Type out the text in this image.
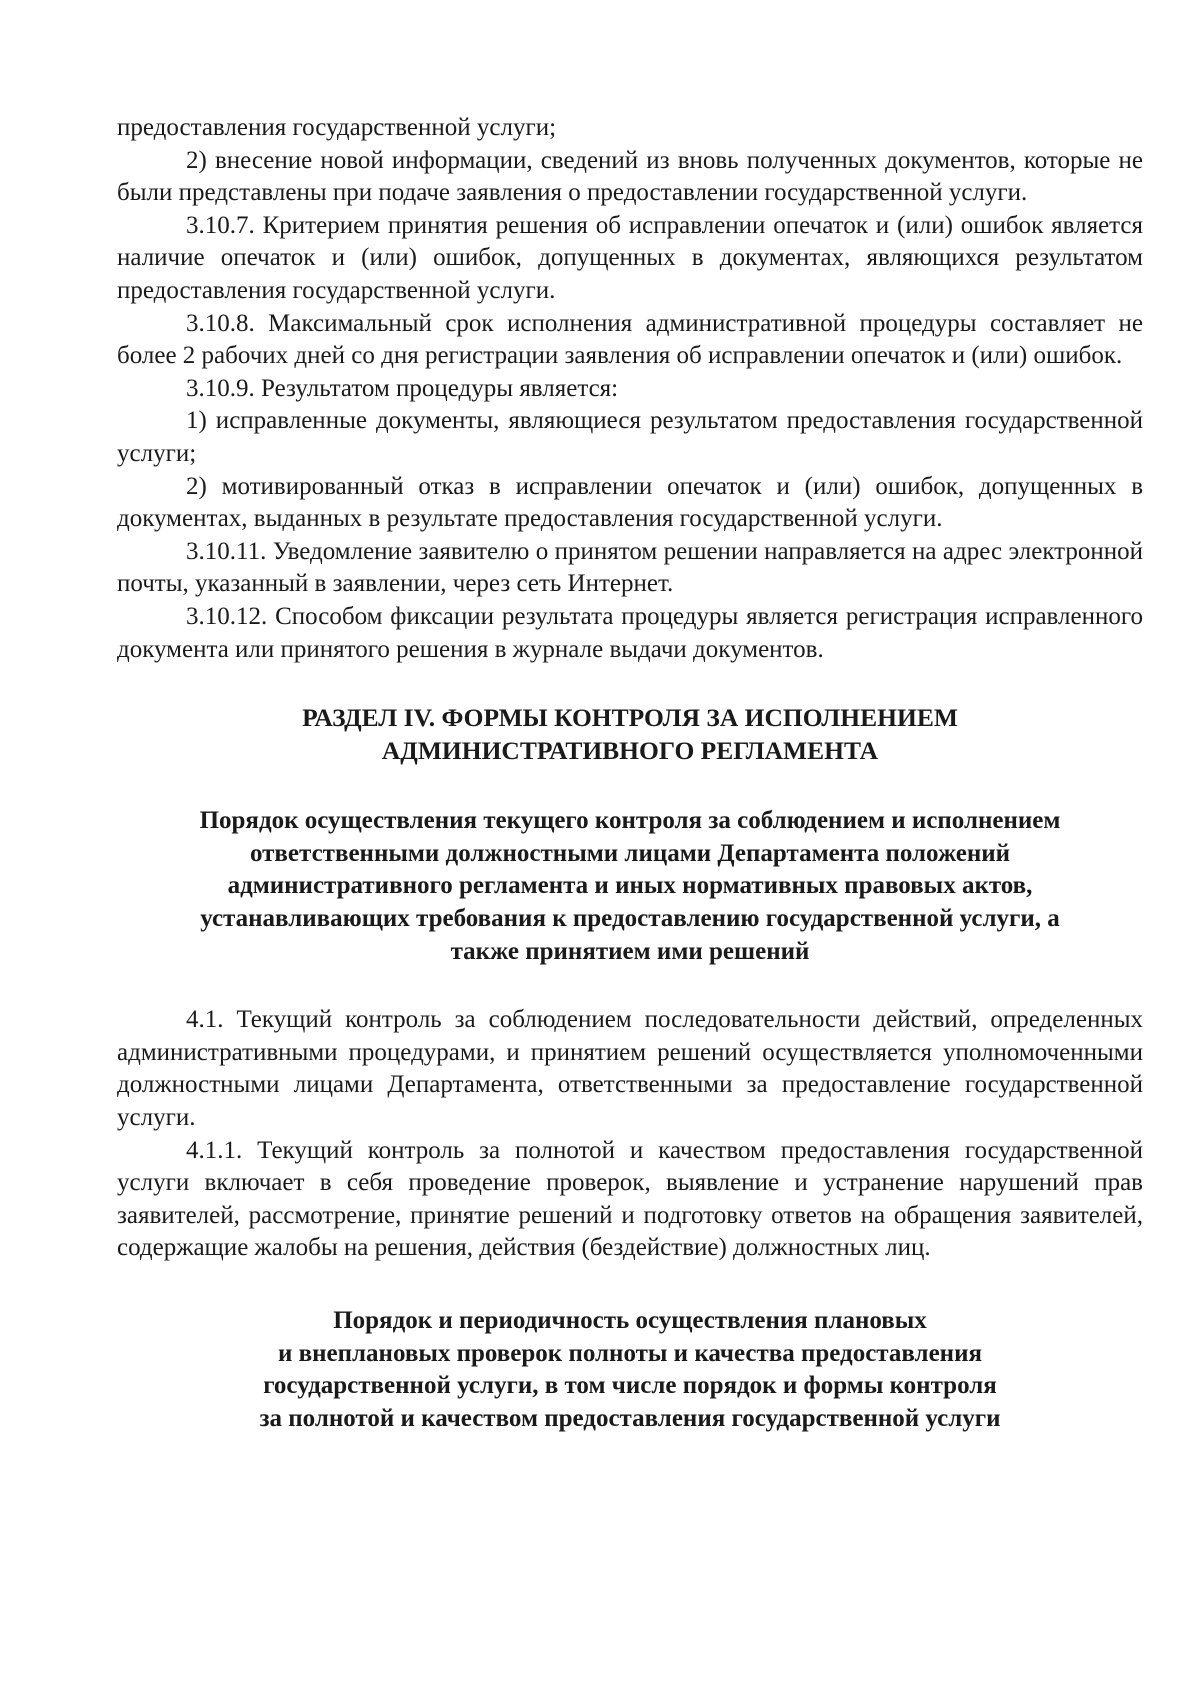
предоставления государственной услуги;

2) внесение новой информации, сведений из вновь полученных документов, которые не были представлены при подаче заявления о предоставлении государственной услуги.

3.10.7. Критерием принятия решения об исправлении опечаток и (или) ошибок является наличие опечаток и (или) ошибок, допущенных в документах, являющихся результатом предоставления государственной услуги.

3.10.8. Максимальный срок исполнения административной процедуры составляет не более 2 рабочих дней со дня регистрации заявления об исправлении опечаток и (или) ошибок.

3.10.9. Результатом процедуры является:

1) исправленные документы, являющиеся результатом предоставления государственной услуги;

2) мотивированный отказ в исправлении опечаток и (или) ошибок, допущенных в документах, выданных в результате предоставления государственной услуги.

3.10.11. Уведомление заявителю о принятом решении направляется на адрес электронной почты, указанный в заявлении, через сеть Интернет.

3.10.12. Способом фиксации результата процедуры является регистрация исправленного документа или принятого решения в журнале выдачи документов.

РАЗДЕЛ IV. ФОРМЫ КОНТРОЛЯ ЗА ИСПОЛНЕНИЕМ
АДМИНИСТРАТИВНОГО РЕГЛАМЕНТА
Порядок осуществления текущего контроля за соблюдением и исполнением
ответственными должностными лицами Департамента положений
административного регламента и иных нормативных правовых актов,
устанавливающих требования к предоставлению государственной услуги, а
также принятием ими решений

4.1. Текущий контроль за соблюдением последовательности действий, определенных административными процедурами, и принятием решений осуществляется уполномоченными должностными лицами Департамента, ответственными за предоставление государственной услуги.

4.1.1. Текущий контроль за полнотой и качеством предоставления государственной услуги включает в себя проведение проверок, выявление и устранение нарушений прав заявителей, рассмотрение, принятие решений и подготовку ответов на обращения заявителей, содержащие жалобы на решения, действия (бездействие) должностных лиц.

Порядок и периодичность осуществления плановых
и внеплановых проверок полноты и качества предоставления
государственной услуги, в том числе порядок и формы контроля
за полнотой и качеством предоставления государственной услуги
